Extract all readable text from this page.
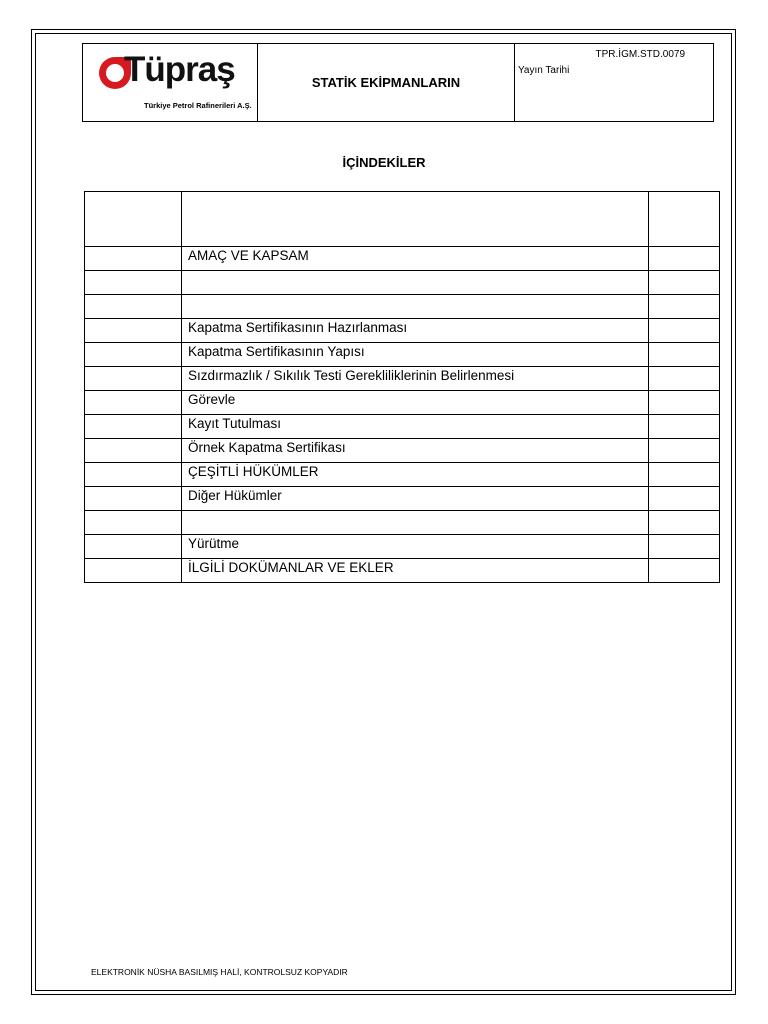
Tüpraş
Türkiye Petrol Rafinerileri A.Ş.
STATİK EKİPMANLARIN
TPR.İGM.STD.0079
Yayın Tarihi
İÇİNDEKİLER

	AMAÇ VE KAPSAM	

	Kapatma Sertifikasının Hazırlanması	
	Kapatma Sertifikasının Yapısı	
	Sızdırmazlık / Sıkılık Testi Gerekliliklerinin Belirlenmesi	
	Görevle	
	Kayıt Tutulması	
	Örnek Kapatma Sertifikası	
	ÇEŞİTLİ HÜKÜMLER	
	Diğer Hükümler	

	Yürütme	
	İLGİLİ DOKÜMANLAR VE EKLER	
ELEKTRONİK NÜSHA BASILMIŞ HALİ, KONTROLSUZ KOPYADIR
